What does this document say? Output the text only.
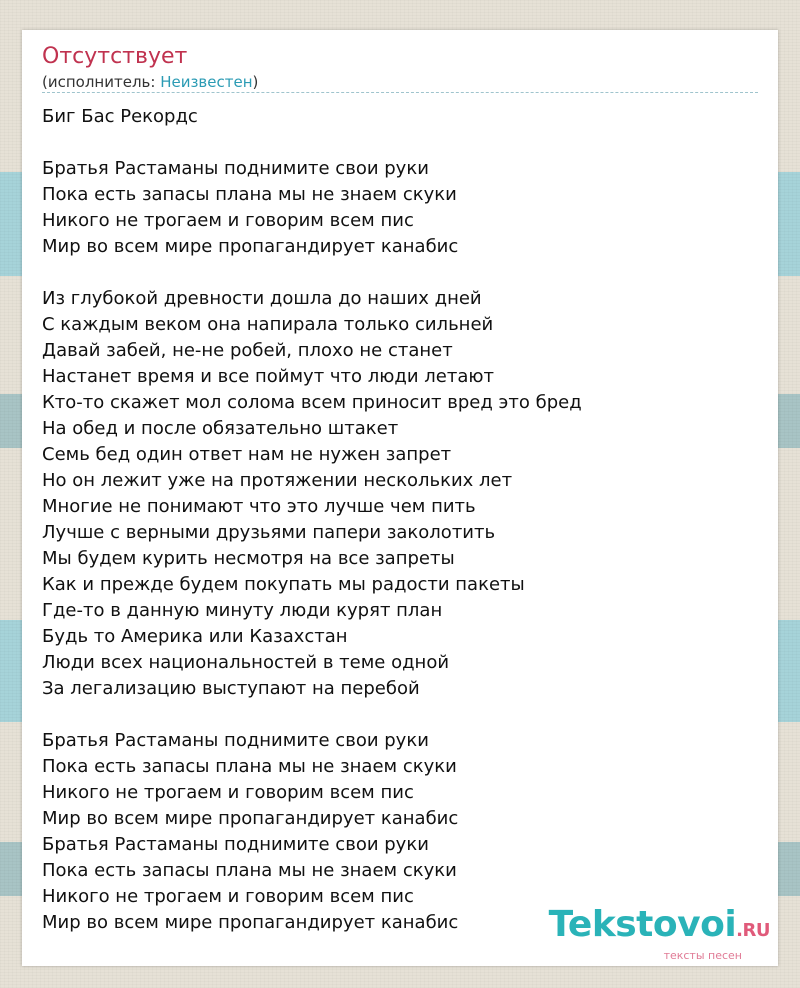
Отсутствует
(исполнитель: Неизвестен)
Биг Бас Рекордс
Братья Растаманы поднимите свои руки
Пока есть запасы плана мы не знаем скуки
Никого не трогаем и говорим всем пис
Мир во всем мире пропагандирует канабис
Из глубокой древности дошла до наших дней
С каждым веком она напирала только сильней
Давай забей, не-не робей, плохо не станет
Настанет время и все поймут что люди летают
Кто-то скажет мол солома всем приносит вред это бред
На обед и после обязательно штакет
Семь бед один ответ нам не нужен запрет
Но он лежит уже на протяжении нескольких лет
Многие не понимают что это лучше чем пить
Лучше с верными друзьями папери заколотить
Мы будем курить несмотря на все запреты
Как и прежде будем покупать мы радости пакеты
Где-то в данную минуту люди курят план
Будь то Америка или Казахстан
Люди всех национальностей в теме одной
За легализацию выступают на перебой
Братья Растаманы поднимите свои руки
Пока есть запасы плана мы не знаем скуки
Никого не трогаем и говорим всем пис
Мир во всем мире пропагандирует канабис
Братья Растаманы поднимите свои руки
Пока есть запасы плана мы не знаем скуки
Никого не трогаем и говорим всем пис
Мир во всем мире пропагандирует канабис	Tekstovoi.RU
тексты песен
